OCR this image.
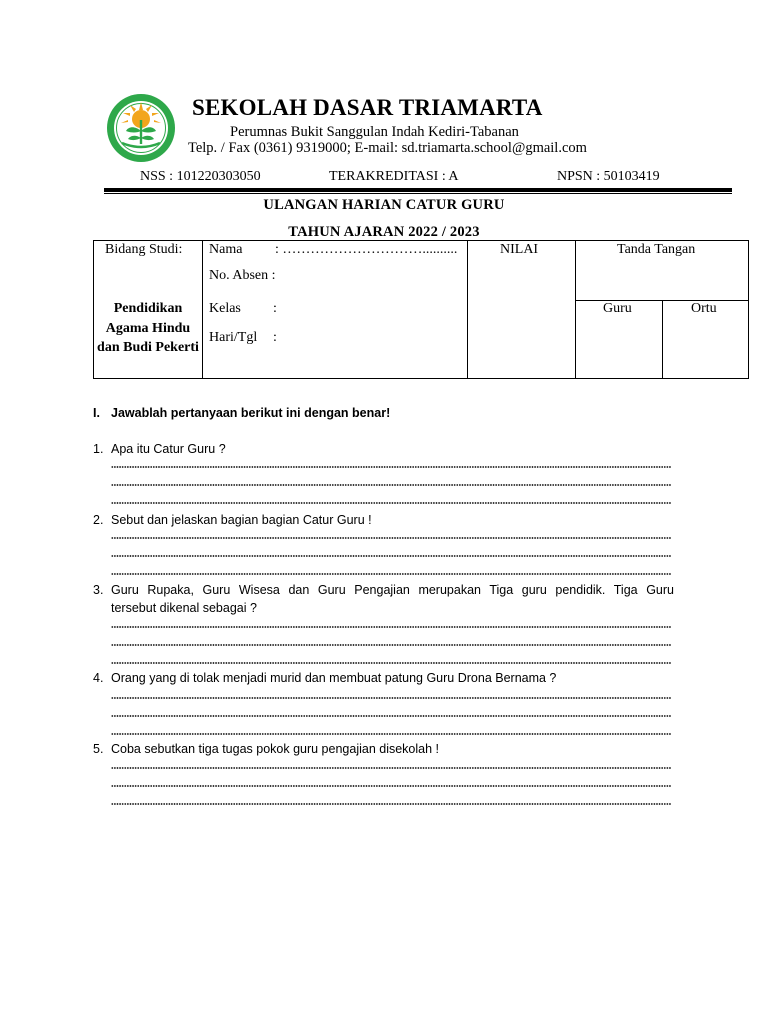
SEKOLAH DASAR TRIAMARTA
Perumnas Bukit Sanggulan Indah Kediri-Tabanan
Telp. / Fax (0361) 9319000; E-mail: sd.triamarta.school@gmail.com
NSS : 101220303050	TERAKREDITASI : A	NPSN : 50103419
ULANGAN HARIAN CATUR GURU
TAHUN AJARAN 2022 / 2023
Bidang Studi:
Pendidikan Agama Hindu dan Budi Pekerti
Nama : …………………………..........
No. Absen :
Kelas :
Hari/Tgl :
NILAI	Tanda Tangan
Guru	Ortu
I. Jawablah pertanyaan berikut ini dengan benar!
1. Apa itu Catur Guru ?
2. Sebut dan jelaskan bagian bagian Catur Guru !
3. Guru Rupaka, Guru Wisesa dan Guru Pengajian merupakan Tiga guru pendidik. Tiga Guru
tersebut dikenal sebagai ?
4. Orang yang di tolak menjadi murid dan membuat patung Guru Drona Bernama ?
5. Coba sebutkan tiga tugas pokok guru pengajian disekolah !
